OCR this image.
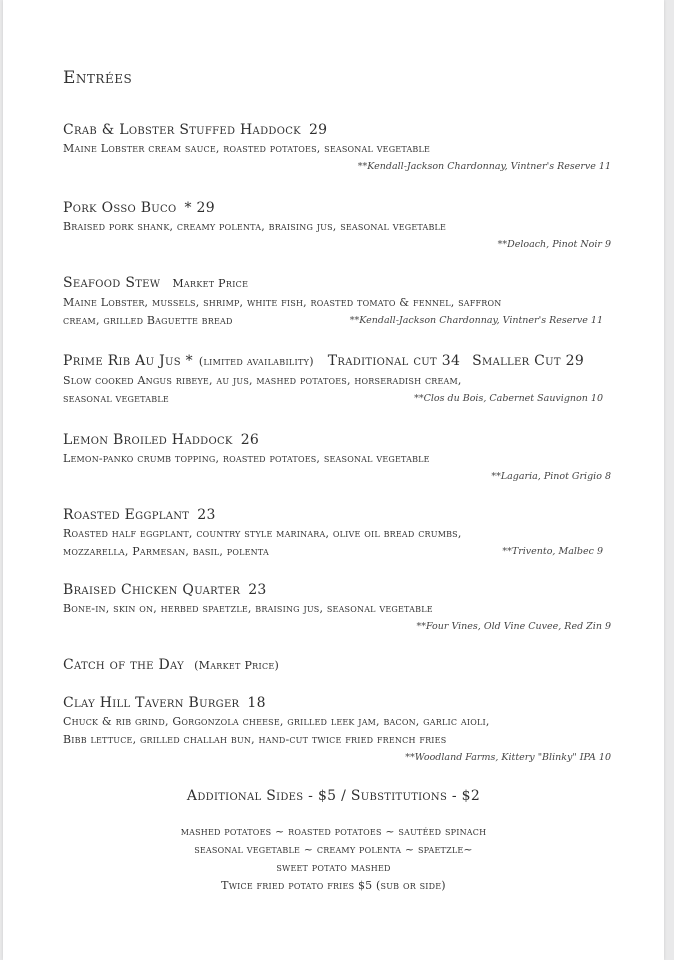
Entrées
Crab & Lobster Stuffed Haddock 29
Maine Lobster cream sauce, roasted potatoes, seasonal vegetable
**Kendall-Jackson Chardonnay, Vintner's Reserve 11
Pork Osso Buco * 29
Braised pork shank, creamy polenta, braising jus, seasonal vegetable
**Deloach, Pinot Noir 9
Seafood Stew Market Price
Maine Lobster, mussels, shrimp, white fish, roasted tomato & fennel, saffron
cream, grilled Baguette bread	**Kendall-Jackson Chardonnay, Vintner's Reserve 11
Prime Rib Au Jus * (limited availability) Traditional cut 34 Smaller Cut 29
Slow cooked Angus ribeye, au jus, mashed potatoes, horseradish cream,
seasonal vegetable	**Clos du Bois, Cabernet Sauvignon 10
Lemon Broiled Haddock 26
Lemon-panko crumb topping, roasted potatoes, seasonal vegetable
**Lagaria, Pinot Grigio 8
Roasted Eggplant 23
Roasted half eggplant, country style marinara, olive oil bread crumbs,
mozzarella, Parmesan, basil, polenta	**Trivento, Malbec 9
Braised Chicken Quarter 23
Bone-in, skin on, herbed spaetzle, braising jus, seasonal vegetable
**Four Vines, Old Vine Cuvee, Red Zin 9
Catch of the Day (Market Price)
Clay Hill Tavern Burger 18
Chuck & rib grind, Gorgonzola cheese, grilled leek jam, bacon, garlic aioli,
Bibb lettuce, grilled challah bun, hand-cut twice fried french fries
**Woodland Farms, Kittery "Blinky" IPA 10
Additional Sides - $5 / Substitutions - $2
mashed potatoes ~ roasted potatoes ~ sautéed spinach
seasonal vegetable ~ creamy polenta ~ spaetzle~
sweet potato mashed
Twice fried potato fries $5 (sub or side)
